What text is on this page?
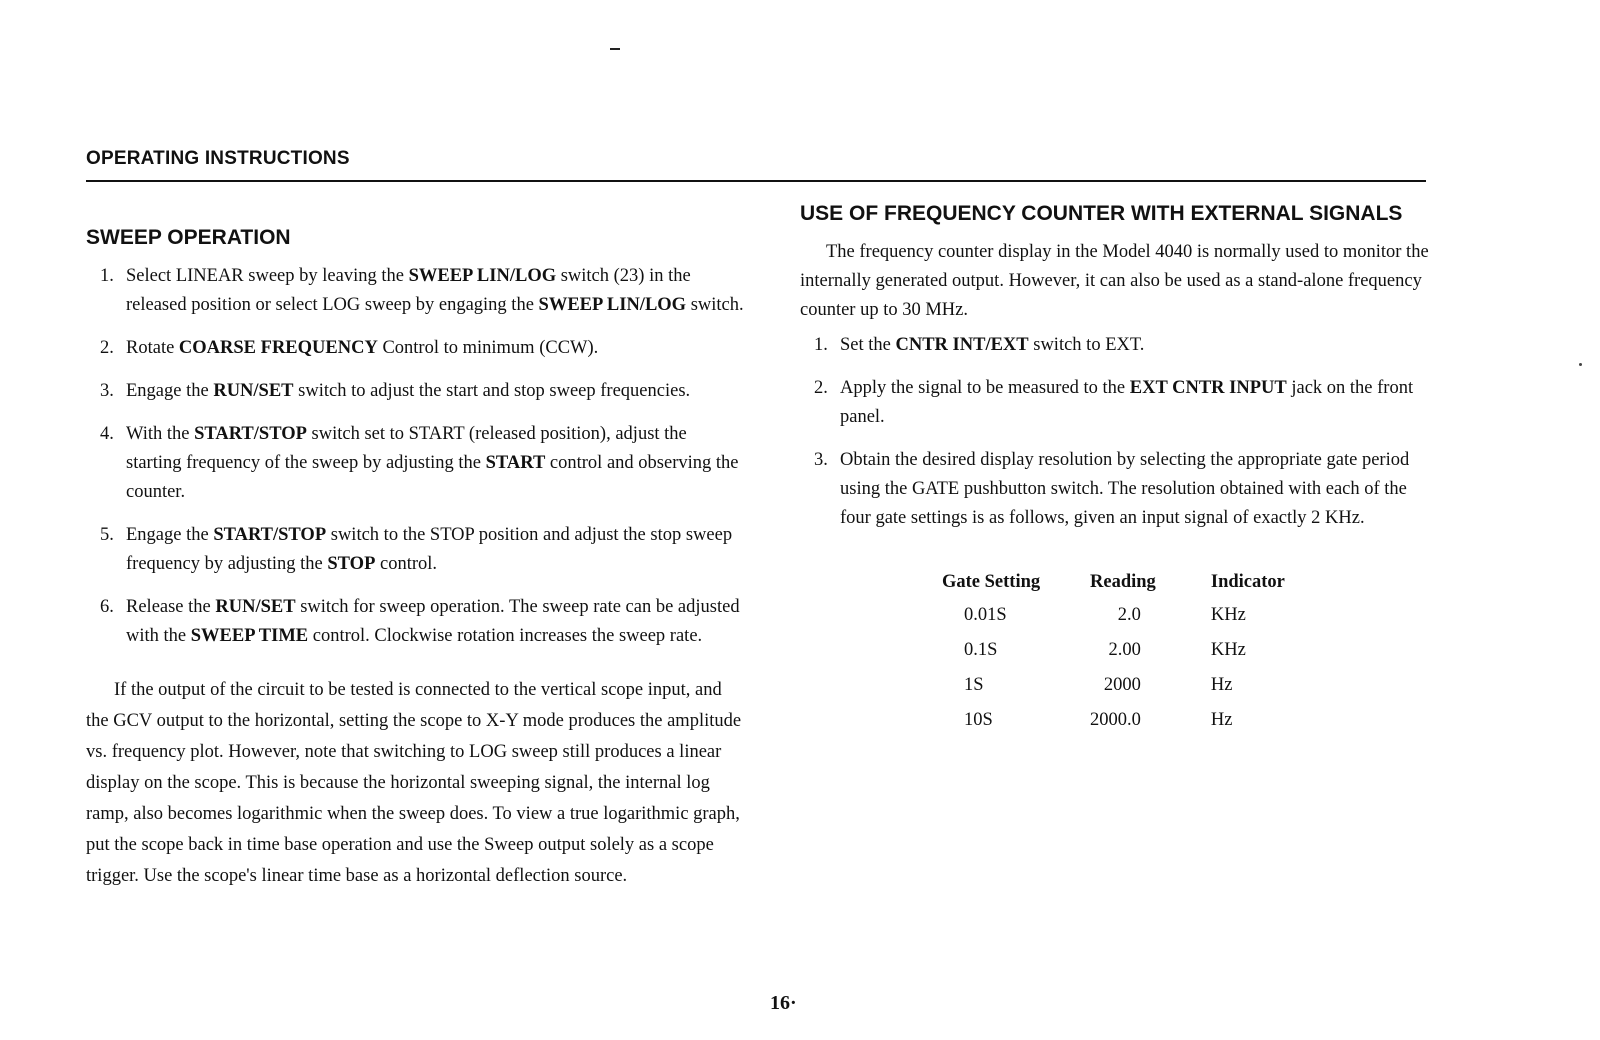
OPERATING INSTRUCTIONS
SWEEP OPERATION
1. Select LINEAR sweep by leaving the SWEEP LIN/LOG switch (23) in the released position or select LOG sweep by engaging the SWEEP LIN/LOG switch.
2. Rotate COARSE FREQUENCY Control to minimum (CCW).
3. Engage the RUN/SET switch to adjust the start and stop sweep frequencies.
4. With the START/STOP switch set to START (released position), adjust the starting frequency of the sweep by adjusting the START control and observing the counter.
5. Engage the START/STOP switch to the STOP position and adjust the stop sweep frequency by adjusting the STOP control.
6. Release the RUN/SET switch for sweep operation. The sweep rate can be adjusted with the SWEEP TIME control. Clockwise rotation increases the sweep rate.

If the output of the circuit to be tested is connected to the vertical scope input, and the GCV output to the horizontal, setting the scope to X-Y mode produces the amplitude vs. frequency plot. However, note that switching to LOG sweep still produces a linear display on the scope. This is because the horizontal sweeping signal, the internal log ramp, also becomes logarithmic when the sweep does. To view a true logarithmic graph, put the scope back in time base operation and use the Sweep output solely as a scope trigger. Use the scope's linear time base as a horizontal deflection source.

USE OF FREQUENCY COUNTER WITH EXTERNAL SIGNALS

The frequency counter display in the Model 4040 is normally used to monitor the internally generated output. However, it can also be used as a stand-alone frequency counter up to 30 MHz.

1. Set the CNTR INT/EXT switch to EXT.
2. Apply the signal to be measured to the EXT CNTR INPUT jack on the front panel.
3. Obtain the desired display resolution by selecting the appropriate gate period using the GATE pushbutton switch. The resolution obtained with each of the four gate settings is as follows, given an input signal of exactly 2 KHz.
Gate Setting	Reading	Indicator
0.01S	2.0	KHz
0.1S	2.00	KHz
1S	2000	Hz
10S	2000.0	Hz
16·
